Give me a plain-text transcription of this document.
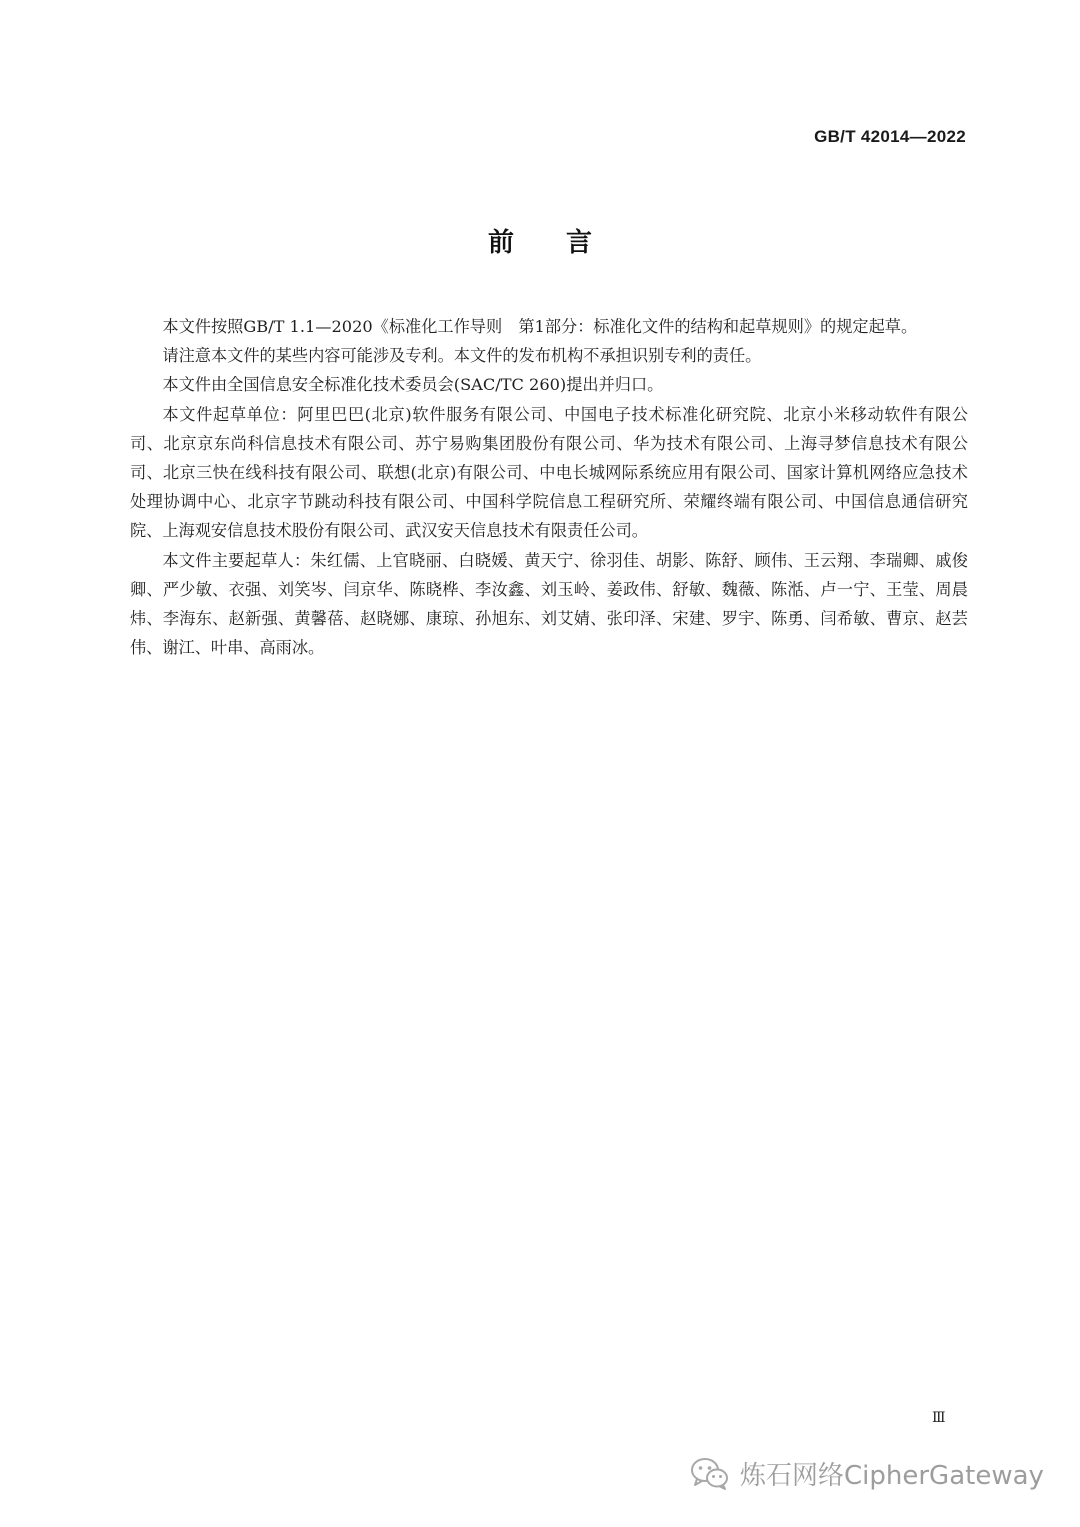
GB/T 42014—2022
前言

本文件按照GB/T 1.1—2020《标准化工作导则　第1部分：标准化文件的结构和起草规则》的规定起草。

请注意本文件的某些内容可能涉及专利。本文件的发布机构不承担识别专利的责任。

本文件由全国信息安全标准化技术委员会(SAC/TC 260)提出并归口。

本文件起草单位：阿里巴巴(北京)软件服务有限公司、中国电子技术标准化研究院、北京小米移动软件有限公司、北京京东尚科信息技术有限公司、苏宁易购集团股份有限公司、华为技术有限公司、上海寻梦信息技术有限公司、北京三快在线科技有限公司、联想(北京)有限公司、中电长城网际系统应用有限公司、国家计算机网络应急技术处理协调中心、北京字节跳动科技有限公司、中国科学院信息工程研究所、荣耀终端有限公司、中国信息通信研究院、上海观安信息技术股份有限公司、武汉安天信息技术有限责任公司。

本文件主要起草人：朱红儒、上官晓丽、白晓媛、黄天宁、徐羽佳、胡影、陈舒、顾伟、王云翔、李瑞卿、戚俊卿、严少敏、衣强、刘笑岑、闫京华、陈晓桦、李汝鑫、刘玉岭、姜政伟、舒敏、魏薇、陈湉、卢一宁、王莹、周晨炜、李海东、赵新强、黄馨蓓、赵晓娜、康琼、孙旭东、刘艾婧、张印泽、宋建、罗宇、陈勇、闫希敏、曹京、赵芸伟、谢江、叶串、高雨冰。

Ⅲ
炼石网络CipherGateway
